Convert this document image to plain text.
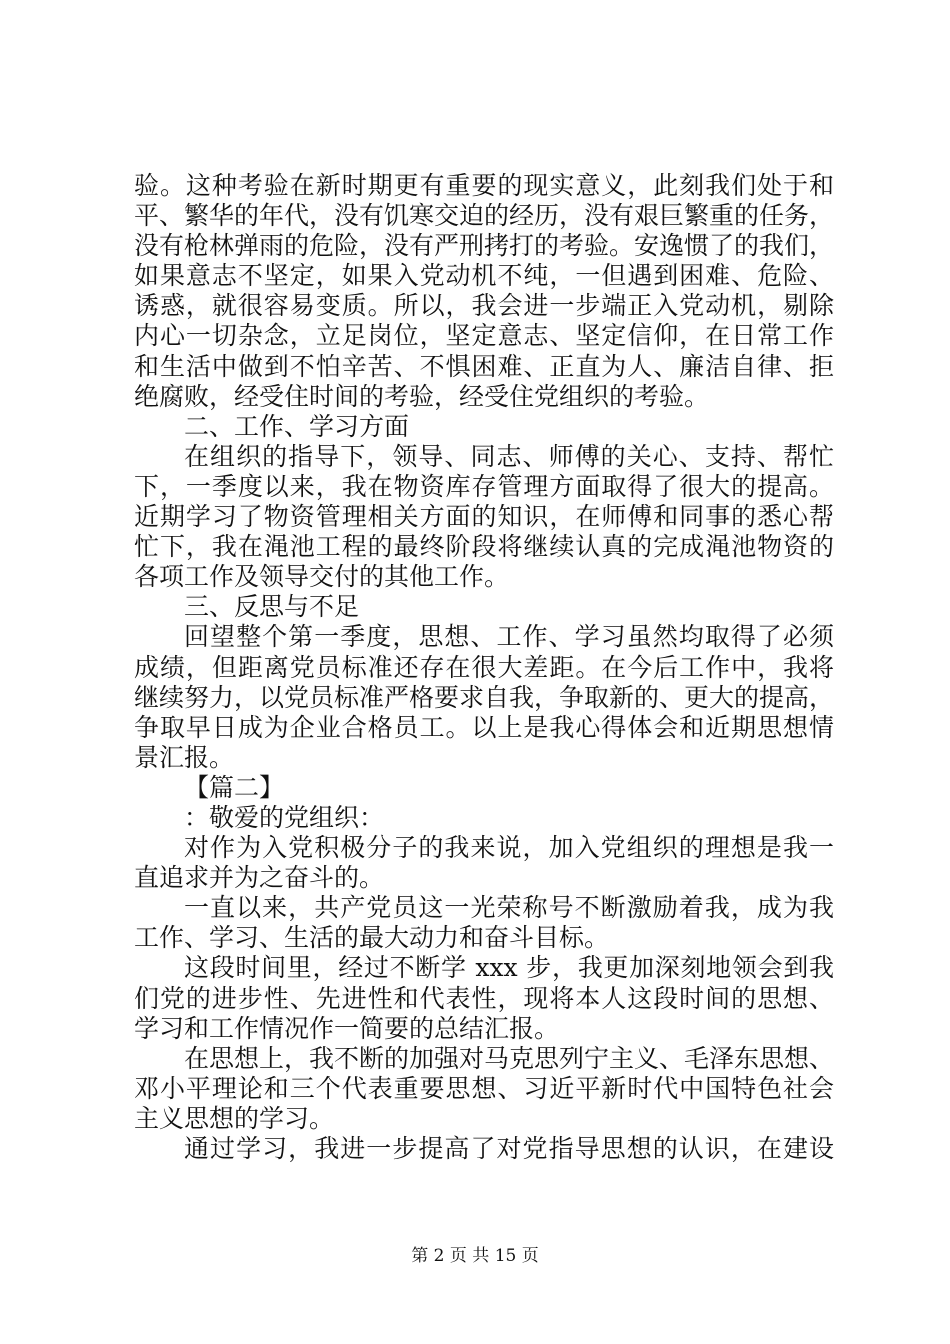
验。这种考验在新时期更有重要的现实意义，此刻我们处于和
平、繁华的年代，没有饥寒交迫的经历，没有艰巨繁重的任务，
没有枪林弹雨的危险，没有严刑拷打的考验。安逸惯了的我们，
如果意志不坚定，如果入党动机不纯，一但遇到困难、危险、
诱惑，就很容易变质。所以，我会进一步端正入党动机，剔除
内心一切杂念，立足岗位，坚定意志、坚定信仰，在日常工作
和生活中做到不怕辛苦、不惧困难、正直为人、廉洁自律、拒
绝腐败，经受住时间的考验，经受住党组织的考验。
二、工作、学习方面
在组织的指导下，领导、同志、师傅的关心、支持、帮忙
下，一季度以来，我在物资库存管理方面取得了很大的提高。
近期学习了物资管理相关方面的知识，在师傅和同事的悉心帮
忙下，我在渑池工程的最终阶段将继续认真的完成渑池物资的
各项工作及领导交付的其他工作。
三、反思与不足
回望整个第一季度，思想、工作、学习虽然均取得了必须
成绩，但距离党员标准还存在很大差距。在今后工作中，我将
继续努力，以党员标准严格要求自我，争取新的、更大的提高，
争取早日成为企业合格员工。以上是我心得体会和近期思想情
景汇报。
【篇二】
：敬爱的党组织：
对作为入党积极分子的我来说，加入党组织的理想是我一
直追求并为之奋斗的。
一直以来，共产党员这一光荣称号不断激励着我，成为我
工作、学习、生活的最大动力和奋斗目标。
这段时间里，经过不断学 xxx 步，我更加深刻地领会到我
们党的进步性、先进性和代表性，现将本人这段时间的思想、
学习和工作情况作一简要的总结汇报。
在思想上，我不断的加强对马克思列宁主义、毛泽东思想、
邓小平理论和三个代表重要思想、习近平新时代中国特色社会
主义思想的学习。
通过学习，我进一步提高了对党指导思想的认识，在建设
第 2 页 共 15 页
